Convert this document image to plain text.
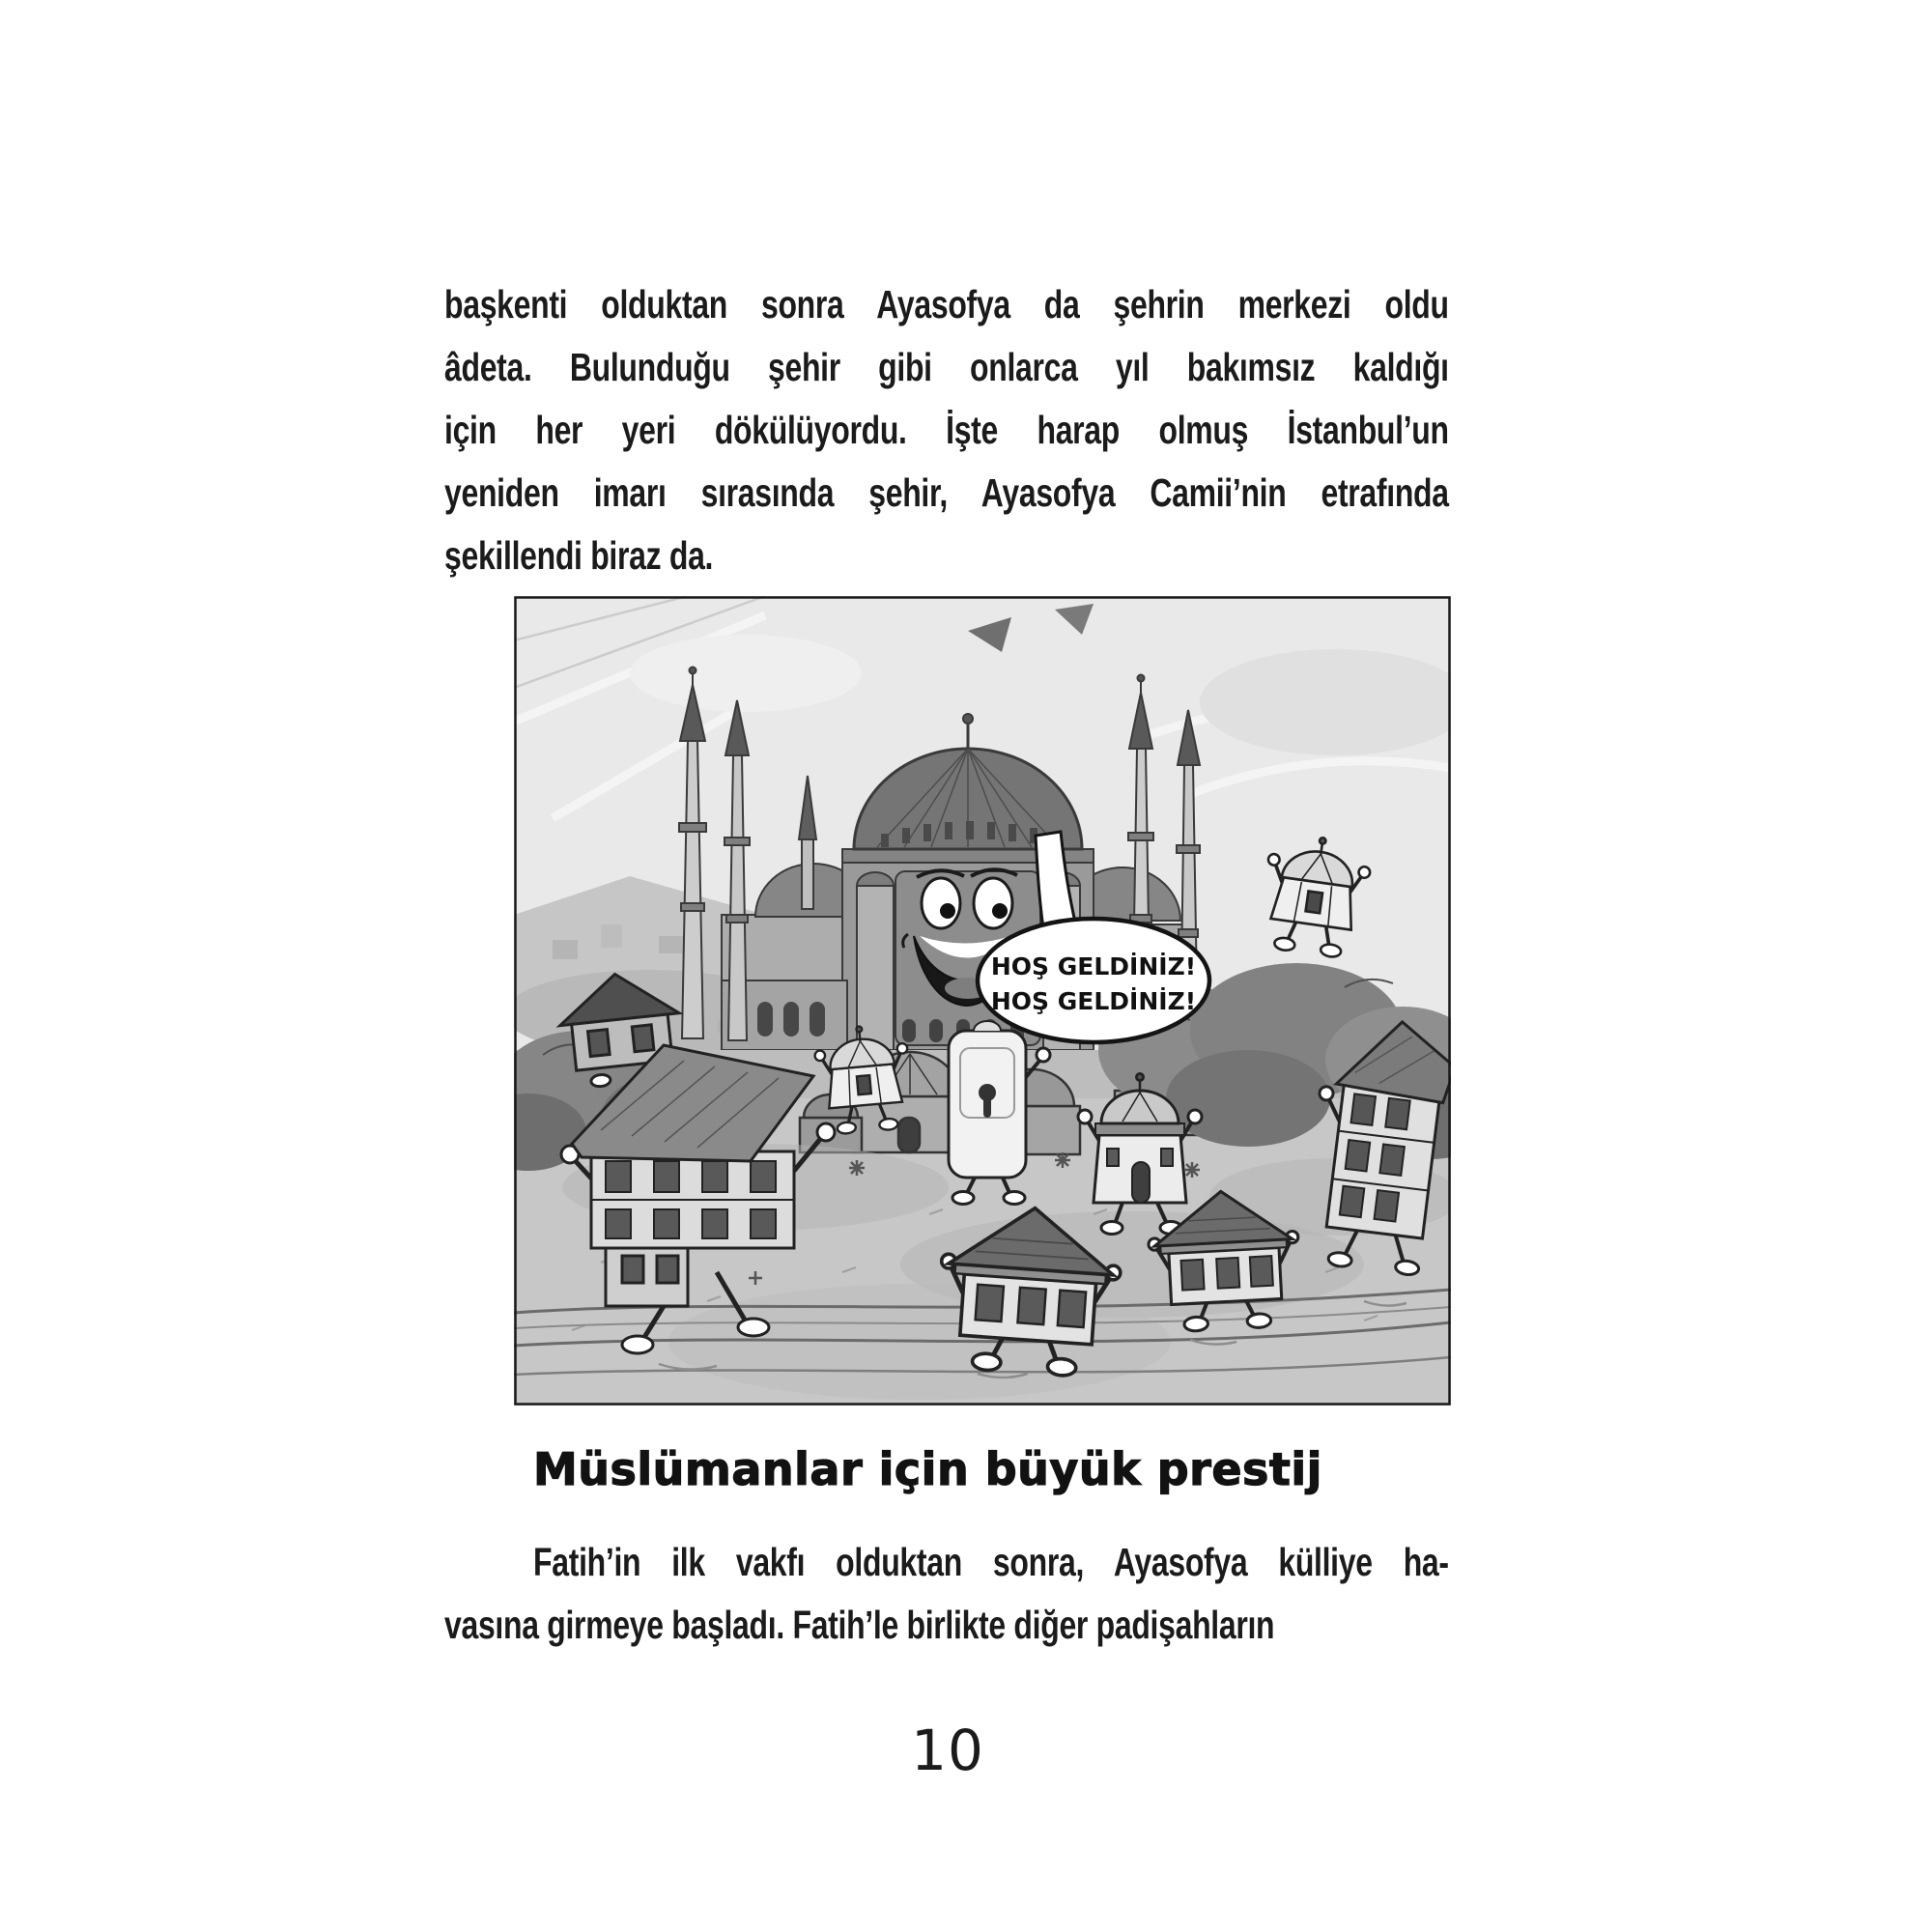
başkenti olduktan sonra Ayasofya da şehrin merkezi oldu
âdeta. Bulunduğu şehir gibi onlarca yıl bakımsız kaldığı
için her yeri dökülüyordu. İşte harap olmuş İstanbul’un
yeniden imarı sırasında şehir, Ayasofya Camii’nin etrafında
şekillendi biraz da.
HOŞ GELDİNİZ!
HOŞ GELDİNİZ!
Müslümanlar için büyük prestij
Fatih’in ilk vakfı olduktan sonra, Ayasofya külliye ha-
vasına girmeye başladı. Fatih’le birlikte diğer padişahların
10
